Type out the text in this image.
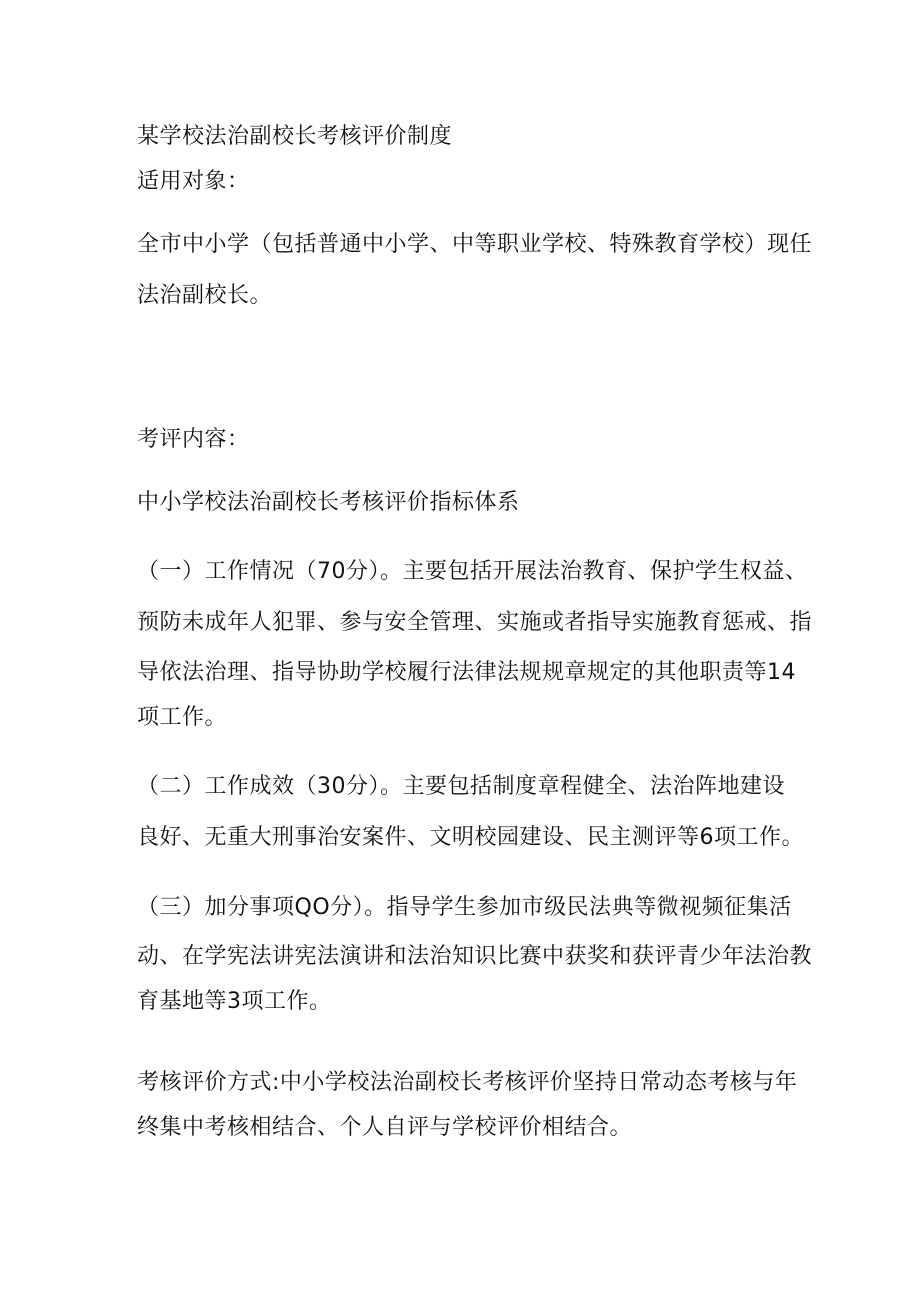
某学校法治副校长考核评价制度
适用对象：
全市中小学（包括普通中小学、中等职业学校、特殊教育学校）现任
法治副校长。
考评内容：
中小学校法治副校长考核评价指标体系
（一）工作情况（70分）。主要包括开展法治教育、保护学生权益、
预防未成年人犯罪、参与安全管理、实施或者指导实施教育惩戒、指
导依法治理、指导协助学校履行法律法规规章规定的其他职责等14
项工作。
（二）工作成效（30分）。主要包括制度章程健全、法治阵地建设
良好、无重大刑事治安案件、文明校园建设、民主测评等6项工作。
（三）加分事项QO分）。指导学生参加市级民法典等微视频征集活
动、在学宪法讲宪法演讲和法治知识比赛中获奖和获评青少年法治教
育基地等3项工作。
考核评价方式:中小学校法治副校长考核评价坚持日常动态考核与年
终集中考核相结合、个人自评与学校评价相结合。
